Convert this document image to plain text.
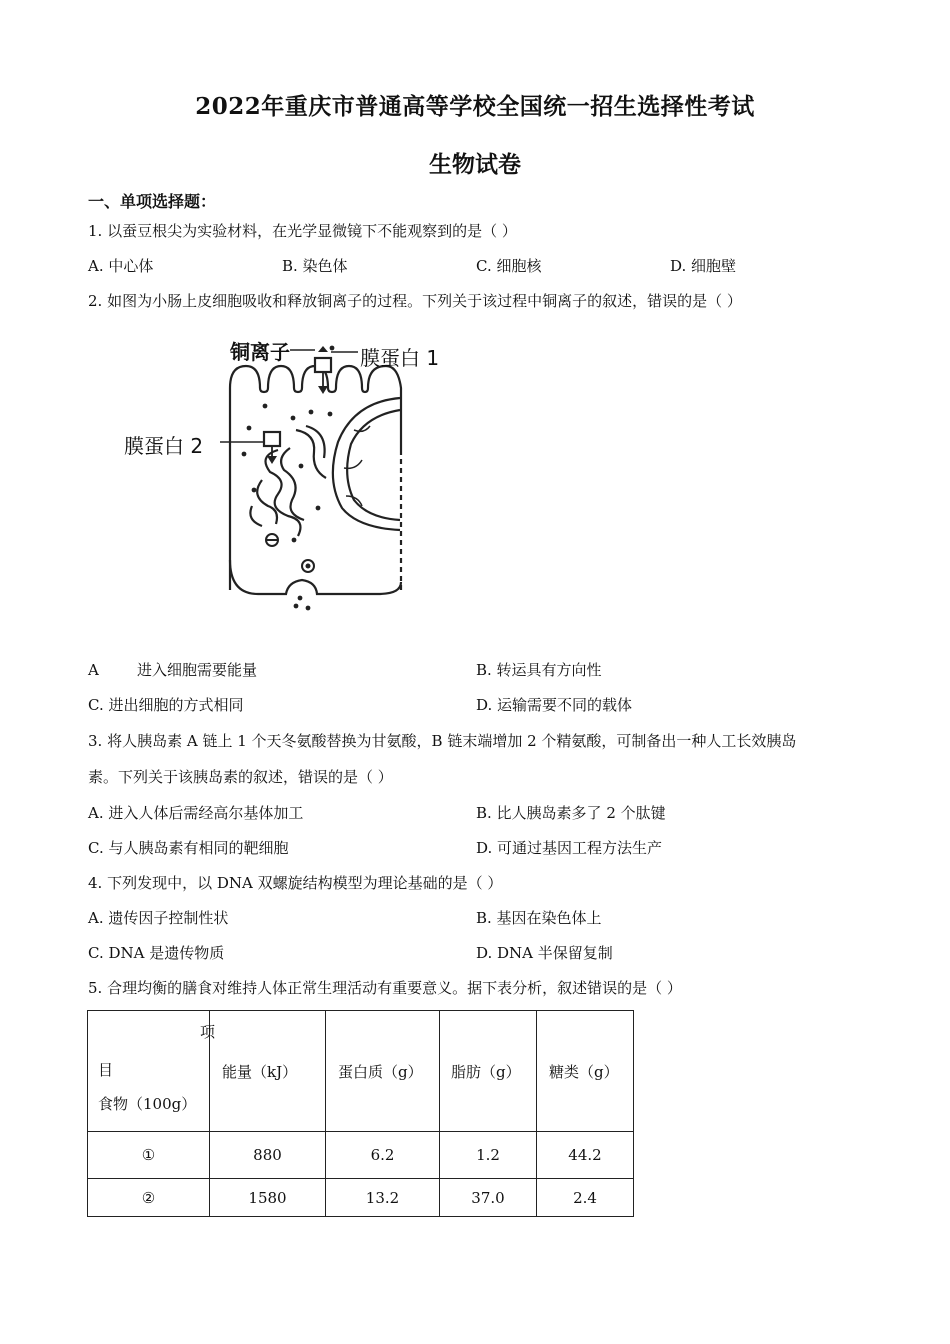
2022年重庆市普通高等学校全国统一招生选择性考试
生物试卷
一、单项选择题：
1. 以蚕豆根尖为实验材料，在光学显微镜下不能观察到的是（ ）
A. 中心体	B. 染色体	C. 细胞核	D. 细胞壁
2. 如图为小肠上皮细胞吸收和释放铜离子的过程。下列关于该过程中铜离子的叙述，错误的是（ ）
铜离子	膜蛋白 1
膜蛋白 2
A        进入细胞需要能量	B. 转运具有方向性
C. 进出细胞的方式相同	D. 运输需要不同的载体
3. 将人胰岛素 A 链上 1 个天冬氨酸替换为甘氨酸，B 链末端增加 2 个精氨酸，可制备出一种人工长效胰岛
素。下列关于该胰岛素的叙述，错误的是（ ）
A. 进入人体后需经高尔基体加工	B. 比人胰岛素多了 2 个肽键
C. 与人胰岛素有相同的靶细胞	D. 可通过基因工程方法生产
4. 下列发现中，以 DNA 双螺旋结构模型为理论基础的是（ ）
A. 遗传因子控制性状	B. 基因在染色体上
C. DNA 是遗传物质	D. DNA 半保留复制
5. 合理均衡的膳食对维持人体正常生理活动有重要意义。据下表分析，叙述错误的是（ ）
项
目
食物（100g）	能量（kJ）	蛋白质（g）	脂肪（g）	糖类（g）
①	880	6.2	1.2	44.2
②	1580	13.2	37.0	2.4
